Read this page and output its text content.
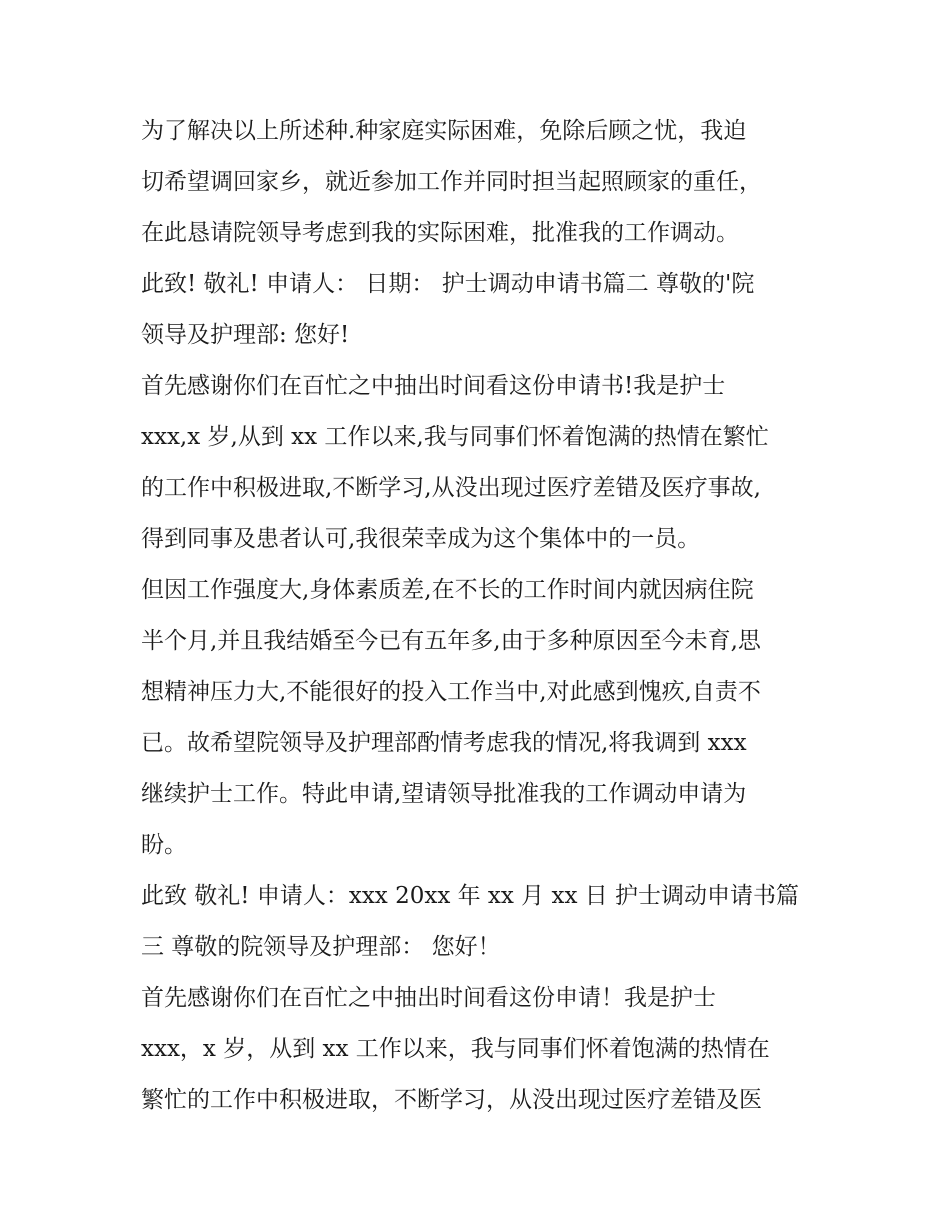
为了解决以上所述种.种家庭实际困难，免除后顾之忧，我迫
切希望调回家乡，就近参加工作并同时担当起照顾家的重任，
在此恳请院领导考虑到我的实际困难，批准我的工作调动。
此致! 敬礼! 申请人： 日期： 护士调动申请书篇二 尊敬的'院
领导及护理部: 您好!
首先感谢你们在百忙之中抽出时间看这份申请书!我是护士
xxx,x 岁,从到 xx 工作以来,我与同事们怀着饱满的热情在繁忙
的工作中积极进取,不断学习,从没出现过医疗差错及医疗事故,
得到同事及患者认可,我很荣幸成为这个集体中的一员。
但因工作强度大,身体素质差,在不长的工作时间内就因病住院
半个月,并且我结婚至今已有五年多,由于多种原因至今未育,思
想精神压力大,不能很好的投入工作当中,对此感到愧疚,自责不
已。故希望院领导及护理部酌情考虑我的情况,将我调到 xxx
继续护士工作。特此申请,望请领导批准我的工作调动申请为
盼。
此致 敬礼! 申请人：xxx 20xx 年 xx 月 xx 日 护士调动申请书篇
三 尊敬的院领导及护理部： 您好！
首先感谢你们在百忙之中抽出时间看这份申请！我是护士
xxx，x 岁，从到 xx 工作以来，我与同事们怀着饱满的热情在
繁忙的工作中积极进取，不断学习，从没出现过医疗差错及医
